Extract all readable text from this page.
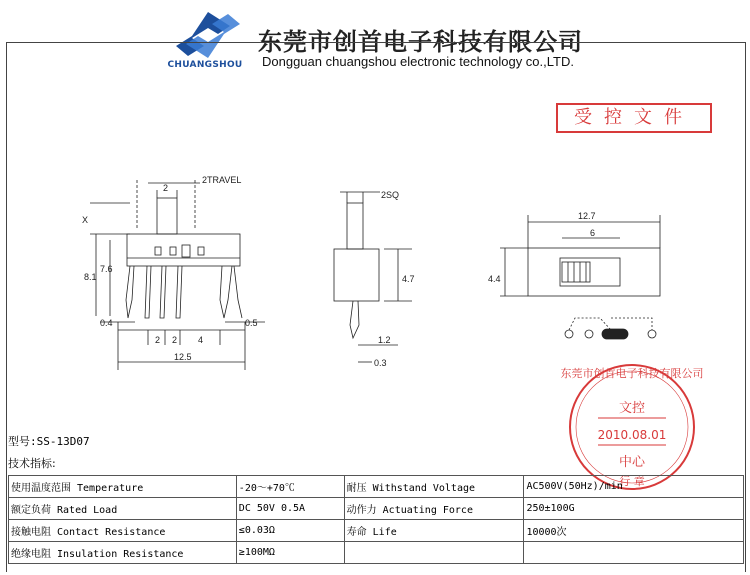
CHUANGSHOU
东莞市创首电子科技有限公司
Dongguan chuangshou electronic technology co.,LTD.
受控文件
2
2TRAVEL
X
8.1
7.6
0.4
2 2 4
12.5
0.5
2SQ
4.7
1.2
0.3
12.7
6
4.4
东莞市创首电子科技有限公司
文控
2010.08.01
中心
行 章
型号:SS-13D07
技术指标:
使用温度范围 Temperature	-20～+70℃	耐压 Withstand Voltage	AC500V(50Hz)/min
额定负荷 Rated Load	DC 50V 0.5A	动作力 Actuating Force	250±100G
接触电阻 Contact Resistance	≤0.03Ω	寿命 Life	10000次
绝缘电阻 Insulation Resistance	≥100MΩ		
